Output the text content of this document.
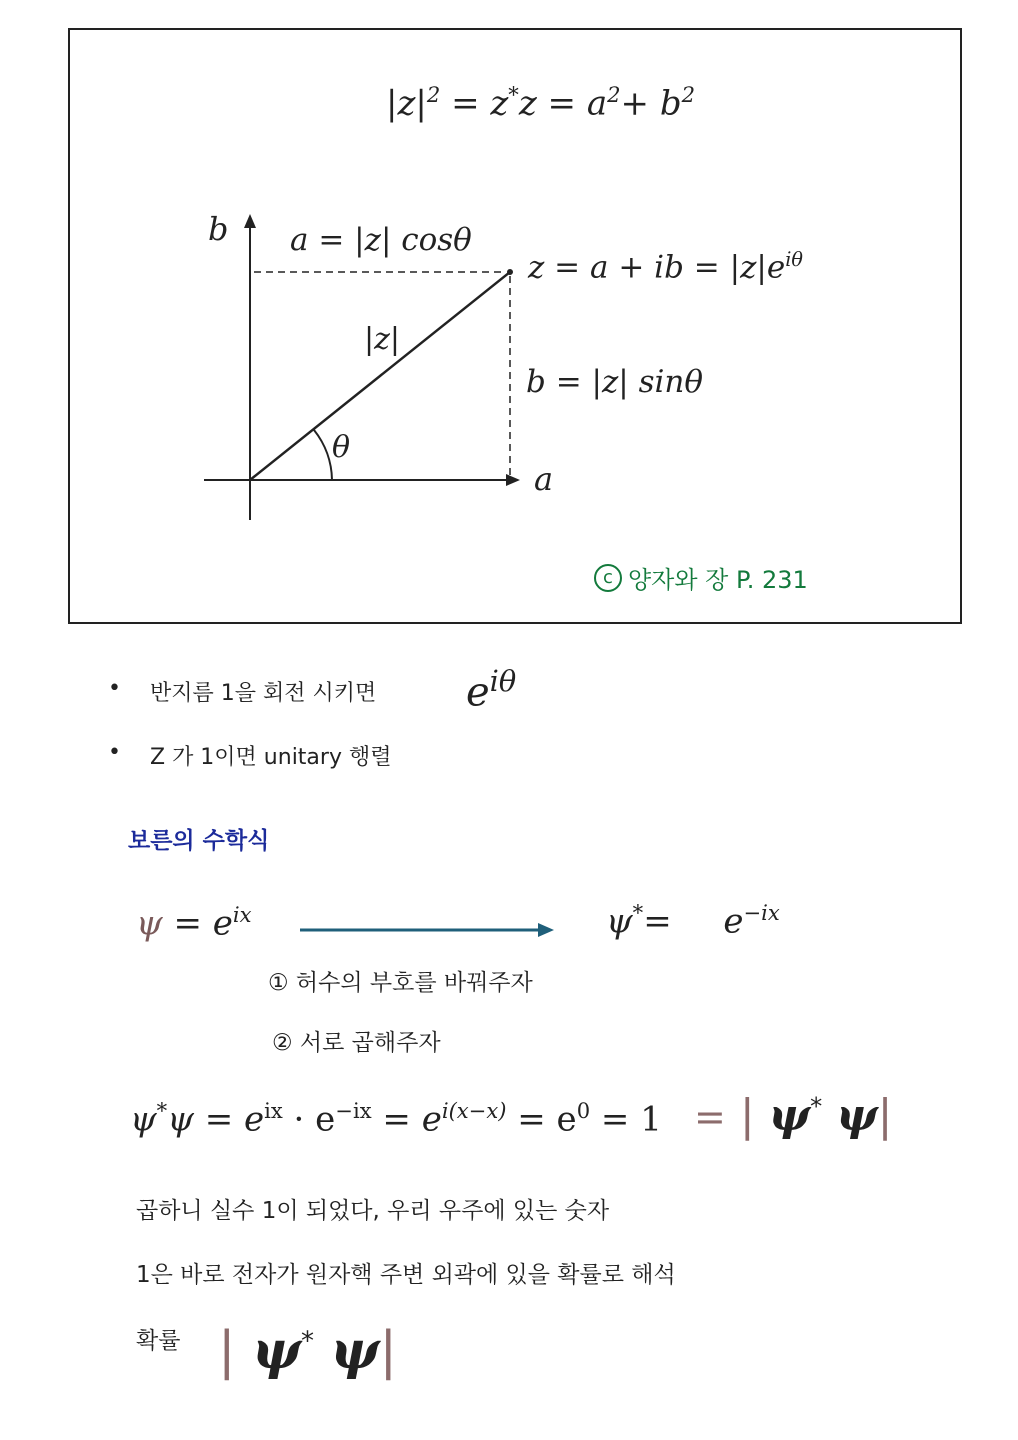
$|z|^2 = z^*z = a^2+ b^2$
b
a
a = |z| cosθ
z = a + ib = $|z|e^{i\theta}$
b = |z| sinθ
|z|
θ
c 양자와 장 P. 231
• 반지름 1을 회전 시키면 $e^{i\theta}$
• Z 가 1이면 unitary 행렬
보른의 수학식
$\psi = e^{ix}$	$\psi^*= e^{-ix}$
① 허수의 부호를 바꿔주자
② 서로 곱해주자
$\psi^*\psi = e^{ix} \cdot e^{-ix} = e^{i(x-x)} = e^0 = 1$ = | ψ* ψ|
곱하니 실수 1이 되었다, 우리 우주에 있는 숫자
1은 바로 전자가 원자핵 주변 외곽에 있을 확률로 해석
확률 | ψ* ψ|
